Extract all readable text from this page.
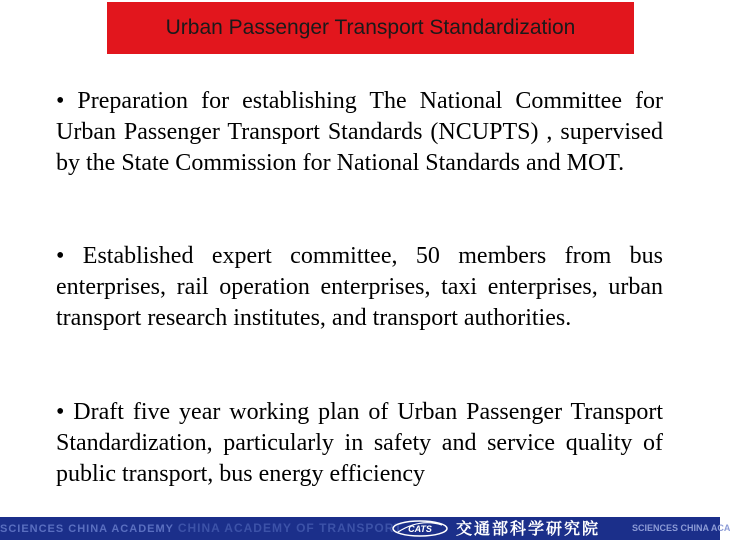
Urban Passenger Transport Standardization
• Preparation for establishing The National Committee for Urban Passenger Transport Standards (NCUPTS) , supervised by the State Commission for National Standards and MOT.
• Established expert committee, 50 members from bus enterprises, rail operation enterprises, taxi enterprises, urban transport research institutes, and transport authorities.
• Draft five year working plan of Urban Passenger Transport Standardization, particularly in safety and service quality of public transport, bus energy efficiency
SCIENCES CHINA ACADEMY CHINA ACADEMY OF TRANSPORT CATS 交通部科学研究院	SCIENCES CHINA ACA
